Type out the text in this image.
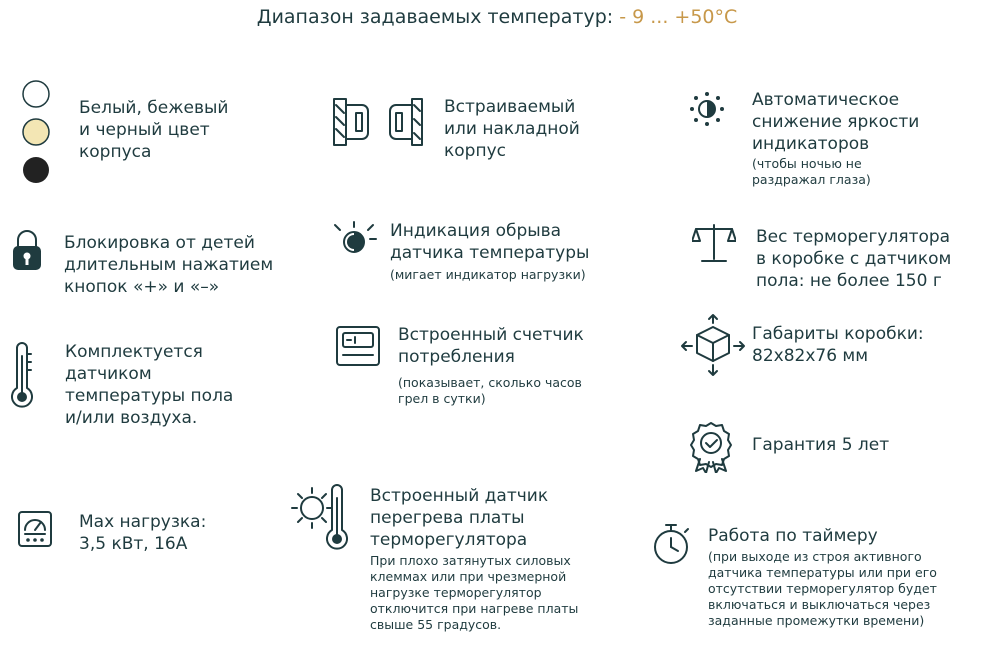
Диапазон задаваемых температур: - 9 ... +50°C
Белый, бежевый
и черный цвет
корпуса
Встраиваемый
или накладной
корпус
Автоматическое
снижение яркости
индикаторов
(чтобы ночью не
раздражал глаза)
Блокировка от детей
длительным нажатием
кнопок «+» и «–»
Индикация обрыва
датчика температуры
(мигает индикатор нагрузки)
Вес терморегулятора
в коробке с датчиком
пола: не более 150 г
Комплектуется
датчиком
температуры пола
и/или воздуха.
Встроенный счетчик
потребления
(показывает, сколько часов
грел в сутки)
Габариты коробки:
82х82х76 мм
Гарантия 5 лет
Max нагрузка:
3,5 кВт, 16А
Встроенный датчик
перегрева платы
терморегулятора
При плохо затянутых силовых
клеммах или при чрезмерной
нагрузке терморегулятор
отключится при нагреве платы
свыше 55 градусов.
Работа по таймеру
(при выходе из строя активного
датчика температуры или при его
отсутствии терморегулятор будет
включаться и выключаться через
заданные промежутки времени)
